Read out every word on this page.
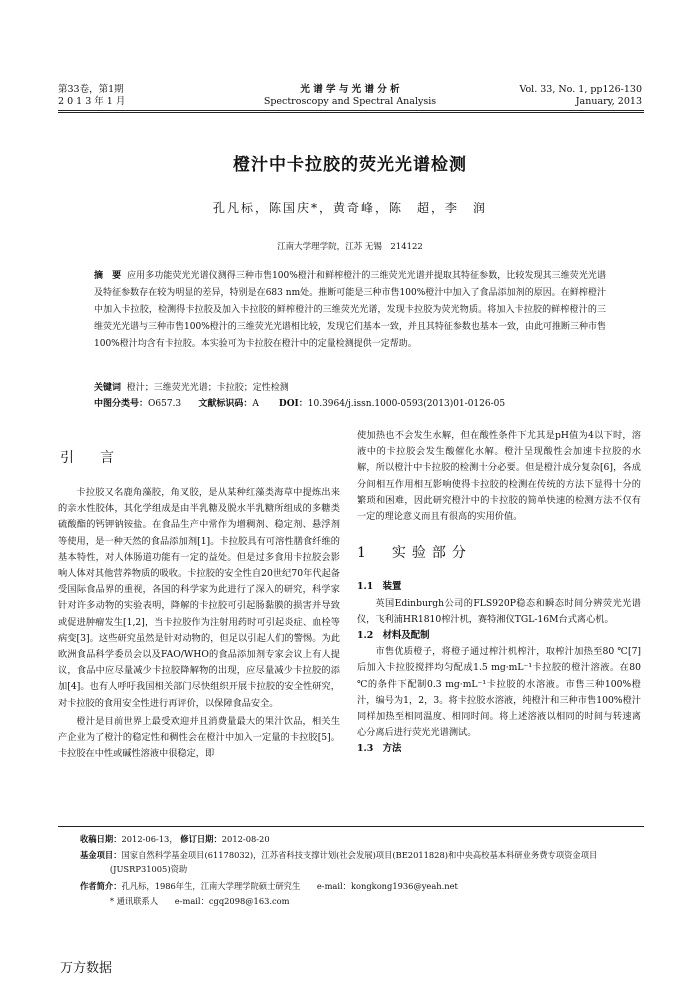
第33卷，第1期
2 0 1 3 年 1 月
光 谱 学 与 光 谱 分 析
Spectroscopy and Spectral Analysis
Vol. 33, No. 1, pp126-130
January, 2013
橙汁中卡拉胶的荧光光谱检测
孔凡标，陈国庆*，黄奇峰，陈　超，李　润
江南大学理学院，江苏 无锡　214122
摘　要 应用多功能荧光光谱仪测得三种市售100%橙汁和鲜榨橙汁的三维荧光光谱并提取其特征参数，比较发现其三维荧光光谱及特征参数存在较为明显的差异，特别是在683 nm处。推断可能是三种市售100%橙汁中加入了食品添加剂的原因。在鲜榨橙汁中加入卡拉胶，检测得卡拉胶及加入卡拉胶的鲜榨橙汁的三维荧光光谱，发现卡拉胶为荧光物质。将加入卡拉胶的鲜榨橙汁的三维荧光光谱与三种市售100%橙汁的三维荧光光谱相比较，发现它们基本一致，并且其特征参数也基本一致，由此可推断三种市售100%橙汁均含有卡拉胶。本实验可为卡拉胶在橙汁中的定量检测提供一定帮助。
关键词 橙汁；三维荧光光谱；卡拉胶；定性检测
中图分类号：O657.3 文献标识码：A DOI：10.3964/j.issn.1000-0593(2013)01-0126-05
引　言

卡拉胶又名鹿角藻胶，角叉胶，是从某种红藻类海草中提炼出来的亲水性胶体，其化学组成是由半乳糖及脱水半乳糖所组成的多糖类硫酸酯的钙钾钠铵盐。在食品生产中常作为增稠剂、稳定剂、悬浮剂等使用，是一种天然的食品添加剂[1]。卡拉胶具有可溶性膳食纤维的基本特性，对人体肠道功能有一定的益处。但是过多食用卡拉胶会影响人体对其他营养物质的吸收。卡拉胶的安全性自20世纪70年代起备受国际食品界的重视，各国的科学家为此进行了深入的研究，科学家针对许多动物的实验表明，降解的卡拉胶可引起肠黏膜的损害并导致或促进肿瘤发生[1,2]，当卡拉胶作为注射用药时可引起炎症、血栓等病变[3]。这些研究虽然是针对动物的，但足以引起人们的警惕。为此欧洲食品科学委员会以及FAO/WHO的食品添加剂专家会议上有人提议，食品中应尽量减少卡拉胶降解物的出现，应尽量减少卡拉胶的添加[4]。也有人呼吁我国相关部门尽快组织开展卡拉胶的安全性研究，对卡拉胶的食用安全性进行再评价，以保障食品安全。

橙汁是目前世界上最受欢迎并且消费量最大的果汁饮品，相关生产企业为了橙汁的稳定性和稠性会在橙汁中加入一定量的卡拉胶[5]。卡拉胶在中性或碱性溶液中很稳定，即

使加热也不会发生水解，但在酸性条件下尤其是pH值为4以下时，溶液中的卡拉胶会发生酸催化水解。橙汁呈现酸性会加速卡拉胶的水解，所以橙汁中卡拉胶的检测十分必要。但是橙汁成分复杂[6]，各成分间相互作用相互影响使得卡拉胶的检测在传统的方法下显得十分的繁琐和困难，因此研究橙汁中的卡拉胶的简单快速的检测方法不仅有一定的理论意义而且有很高的实用价值。
1　实验部分
1.1　装置

英国Edinburgh公司的FLS920P稳态和瞬态时间分辨荧光光谱仪，飞利浦HR1810榨汁机，赛特湘仪TGL-16M台式离心机。

1.2　材料及配制

市售优质橙子，将橙子通过榨汁机榨汁，取榨汁加热至80 ℃[7]后加入卡拉胶搅拌均匀配成1.5 mg·mL⁻¹卡拉胶的橙汁溶液。在80 ℃的条件下配制0.3 mg·mL⁻¹卡拉胶的水溶液。市售三种100%橙汁，编号为1，2，3。将卡拉胶水溶液，纯橙汁和三种市售100%橙汁同样加热至相同温度、相同时间。将上述溶液以相同的时间与转速离心分离后进行荧光光谱测试。

1.3　方法
收稿日期：2012-06-13， 修订日期：2012-08-20
基金项目：国家自然科学基金项目(61178032)，江苏省科技支撑计划(社会发展)项目(BE2011828)和中央高校基本科研业务费专项资金项目(JUSRP31005)资助
作者简介：孔凡标，1986年生，江南大学理学院硕士研究生　　e-mail：kongkong1936@yeah.net
* 通讯联系人　　e-mail：cgq2098@163.com
万方数据
